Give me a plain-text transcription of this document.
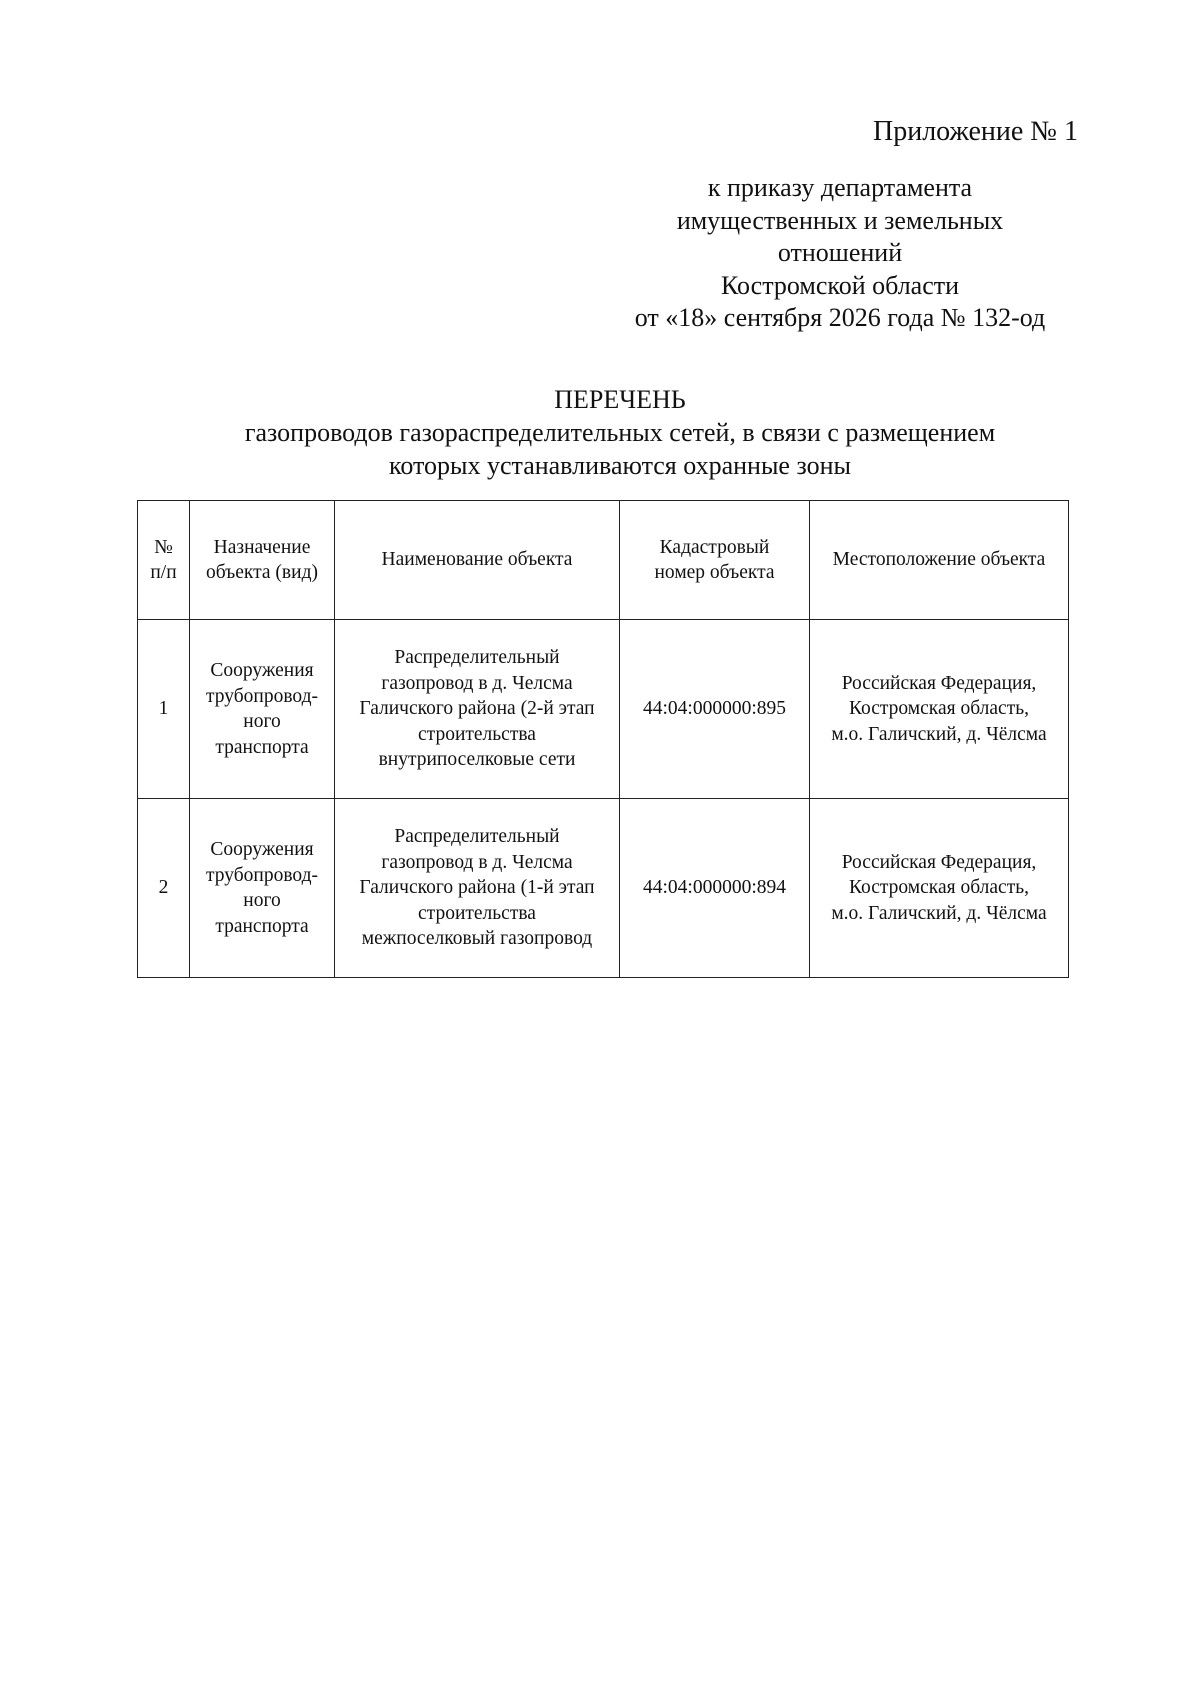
Приложение № 1
к приказу департамента
имущественных и земельных
отношений
Костромской области
от «18» сентября 2026 года № 132-од
ПЕРЕЧЕНЬ
газопроводов газораспределительных сетей, в связи с размещением
которых устанавливаются охранные зоны
№
п/п	Назначение
объекта (вид)	Наименование объекта	Кадастровый
номер объекта	Местоположение объекта

1	Сооружения
трубопровод-
ного
транспорта	Распределительный
газопровод в д. Челсма
Галичского района (2-й этап
строительства
внутрипоселковые сети	44:04:000000:895	Российская Федерация,
Костромская область,
м.о. Галичский, д. Чёлсма

2	Сооружения
трубопровод-
ного
транспорта	Распределительный
газопровод в д. Челсма
Галичского района (1-й этап
строительства
межпоселковый газопровод	44:04:000000:894	Российская Федерация,
Костромская область,
м.о. Галичский, д. Чёлсма
